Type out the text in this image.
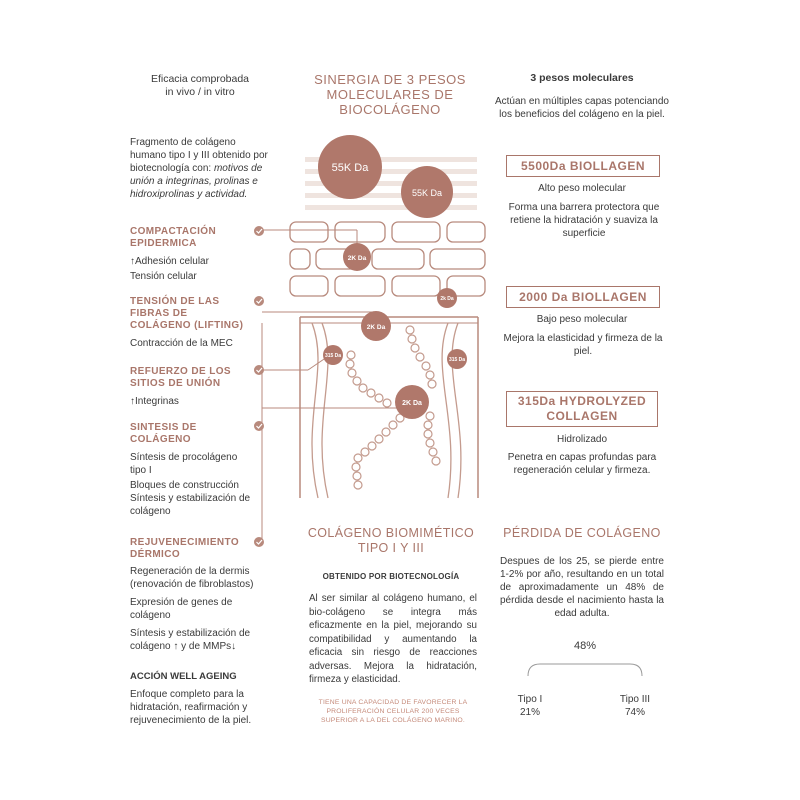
Eficacia comprobada
in vivo / in vitro
Fragmento de colágeno humano tipo I y III obtenido por biotecnología con: motivos de unión a integrinas, prolinas e hidroxiprolinas y actividad.
COMPACTACIÓN EPIDERMICA
↑Adhesión celular
Tensión celular
TENSIÓN DE LAS FIBRAS DE COLÁGENO (LIFTING)
Contracción de la MEC
REFUERZO DE LOS SITIOS DE UNIÓN
↑Integrinas
SINTESIS DE COLÁGENO
Síntesis de procolágeno tipo I
Bloques de construcción
Síntesis y estabilización de colágeno
REJUVENECIMIENTO DÉRMICO
Regeneración de la dermis (renovación de fibroblastos)
Expresión de genes de colágeno
Síntesis y estabilización de colágeno ↑ y de MMPs↓
ACCIÓN WELL AGEING
Enfoque completo para la hidratación, reafirmación y rejuvenecimiento de la piel.
SINERGIA DE 3 PESOS MOLECULARES DE BIOCOLÁGENO
55K Da
55K Da
2K Da
2k Da
2K Da
315 Da
315 Da
2K Da
COLÁGENO BIOMIMÉTICO TIPO I Y III
OBTENIDO POR BIOTECNOLOGÍA
Al ser similar al colágeno humano, el bio-colágeno se integra más eficazmente en la piel, mejorando su compatibilidad y aumentando la eficacia sin riesgo de reacciones adversas. Mejora la hidratación, firmeza y elasticidad.
TIENE UNA CAPACIDAD DE FAVORECER LA PROLIFERACIÓN CELULAR 200 VECES SUPERIOR A LA DEL COLÁGENO MARINO.
3 pesos moleculares
Actúan en múltiples capas potenciando los beneficios del colágeno en la piel.
5500Da BIOLLAGEN
Alto peso molecular
Forma una barrera protectora que retiene la hidratación y suaviza la superficie
2000 Da BIOLLAGEN
Bajo peso molecular
Mejora la elasticidad y firmeza de la piel.
315Da HYDROLYZED COLLAGEN
Hidrolizado
Penetra en capas profundas para regeneración celular y firmeza.
PÉRDIDA DE COLÁGENO
Despues de los 25, se pierde entre 1-2% por año, resultando en un total de aproximadamente un 48% de pérdida desde el nacimiento hasta la edad adulta.
48%
Tipo I
21%
Tipo III
74%
